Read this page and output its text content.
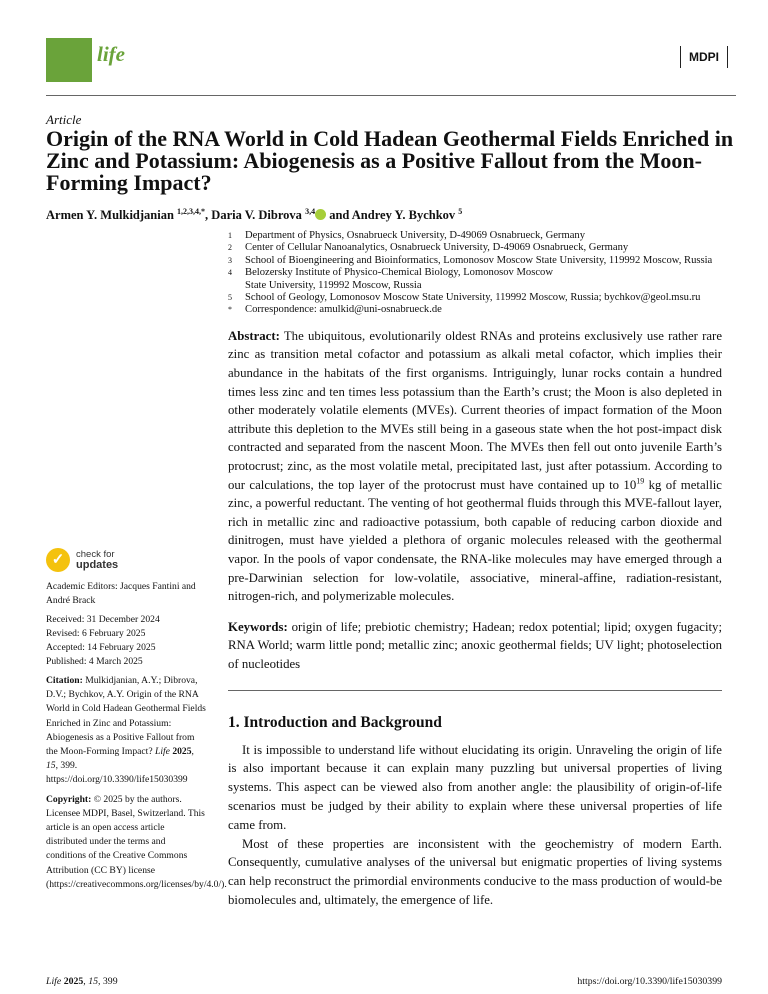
life	MDPI
Article
Origin of the RNA World in Cold Hadean Geothermal Fields Enriched in Zinc and Potassium: Abiogenesis as a Positive Fallout from the Moon-Forming Impact?
Armen Y. Mulkidjanian $^{1,2,3,4,*}$, Daria V. Dibrova $^{3,4}$ and Andrey Y. Bychkov $^5$
1	Department of Physics, Osnabrueck University, D-49069 Osnabrueck, Germany
2	Center of Cellular Nanoanalytics, Osnabrueck University, D-49069 Osnabrueck, Germany
3	School of Bioengineering and Bioinformatics, Lomonosov Moscow State University, 119992 Moscow, Russia
4	Belozersky Institute of Physico-Chemical Biology, Lomonosov Moscow State University, 119992 Moscow, Russia
5	School of Geology, Lomonosov Moscow State University, 119992 Moscow, Russia; bychkov@geol.msu.ru
*	Correspondence: amulkid@uni-osnabrueck.de
Abstract: The ubiquitous, evolutionarily oldest RNAs and proteins exclusively use rather rare zinc as transition metal cofactor and potassium as alkali metal cofactor, which implies their abundance in the habitats of the first organisms. Intriguingly, lunar rocks contain a hundred times less zinc and ten times less potassium than the Earth’s crust; the Moon is also depleted in other moderately volatile elements (MVEs). Current theories of impact formation of the Moon attribute this depletion to the MVEs still being in a gaseous state when the hot post-impact disk contracted and separated from the nascent Moon. The MVEs then fell out onto juvenile Earth’s protocrust; zinc, as the most volatile metal, precipitated last, just after potassium. According to our calculations, the top layer of the protocrust must have contained up to $10^{19}$ kg of metallic zinc, a powerful reductant. The venting of hot geothermal fluids through this MVE-fallout layer, rich in metallic zinc and radioactive potassium, both capable of reducing carbon dioxide and dinitrogen, must have yielded a plethora of organic molecules released with the geothermal vapor. In the pools of vapor condensate, the RNA-like molecules may have emerged through a pre-Darwinian selection for low-volatile, associative, mineral-affine, radiation-resistant, nitrogen-rich, and polymerizable molecules.
Keywords: origin of life; prebiotic chemistry; Hadean; redox potential; lipid; oxygen fugacity; RNA World; warm little pond; metallic zinc; anoxic geothermal fields; UV light; photoselection of nucleotides
1. Introduction and Background

It is impossible to understand life without elucidating its origin. Unraveling the origin of life is also important because it can explain many puzzling but universal properties of living systems. This aspect can be viewed also from another angle: the plausibility of origin-of-life scenarios must be judged by their ability to explain where these universal properties of life came from.

Most of these properties are inconsistent with the geochemistry of modern Earth. Consequently, cumulative analyses of the universal but enigmatic properties of living systems can help reconstruct the primordial environments conducive to the mass production of would-be biomolecules and, ultimately, the emergence of life.

✓	check for
updates

Academic Editors: Jacques Fantini and André Brack

Received: 31 December 2024
Revised: 6 February 2025
Accepted: 14 February 2025

Published: 4 March 2025

Citation: Mulkidjanian, A.Y.; Dibrova, D.V.; Bychkov, A.Y. Origin of the RNA World in Cold Hadean Geothermal Fields Enriched in Zinc and Potassium: Abiogenesis as a Positive Fallout from the Moon-Forming Impact? Life 2025, 15, 399. https://doi.org/10.3390/life15030399

Copyright: © 2025 by the authors. Licensee MDPI, Basel, Switzerland. This article is an open access article distributed under the terms and conditions of the Creative Commons Attribution (CC BY) license (https://creativecommons.org/licenses/by/4.0/).

Life 2025, 15, 399	https://doi.org/10.3390/life15030399
